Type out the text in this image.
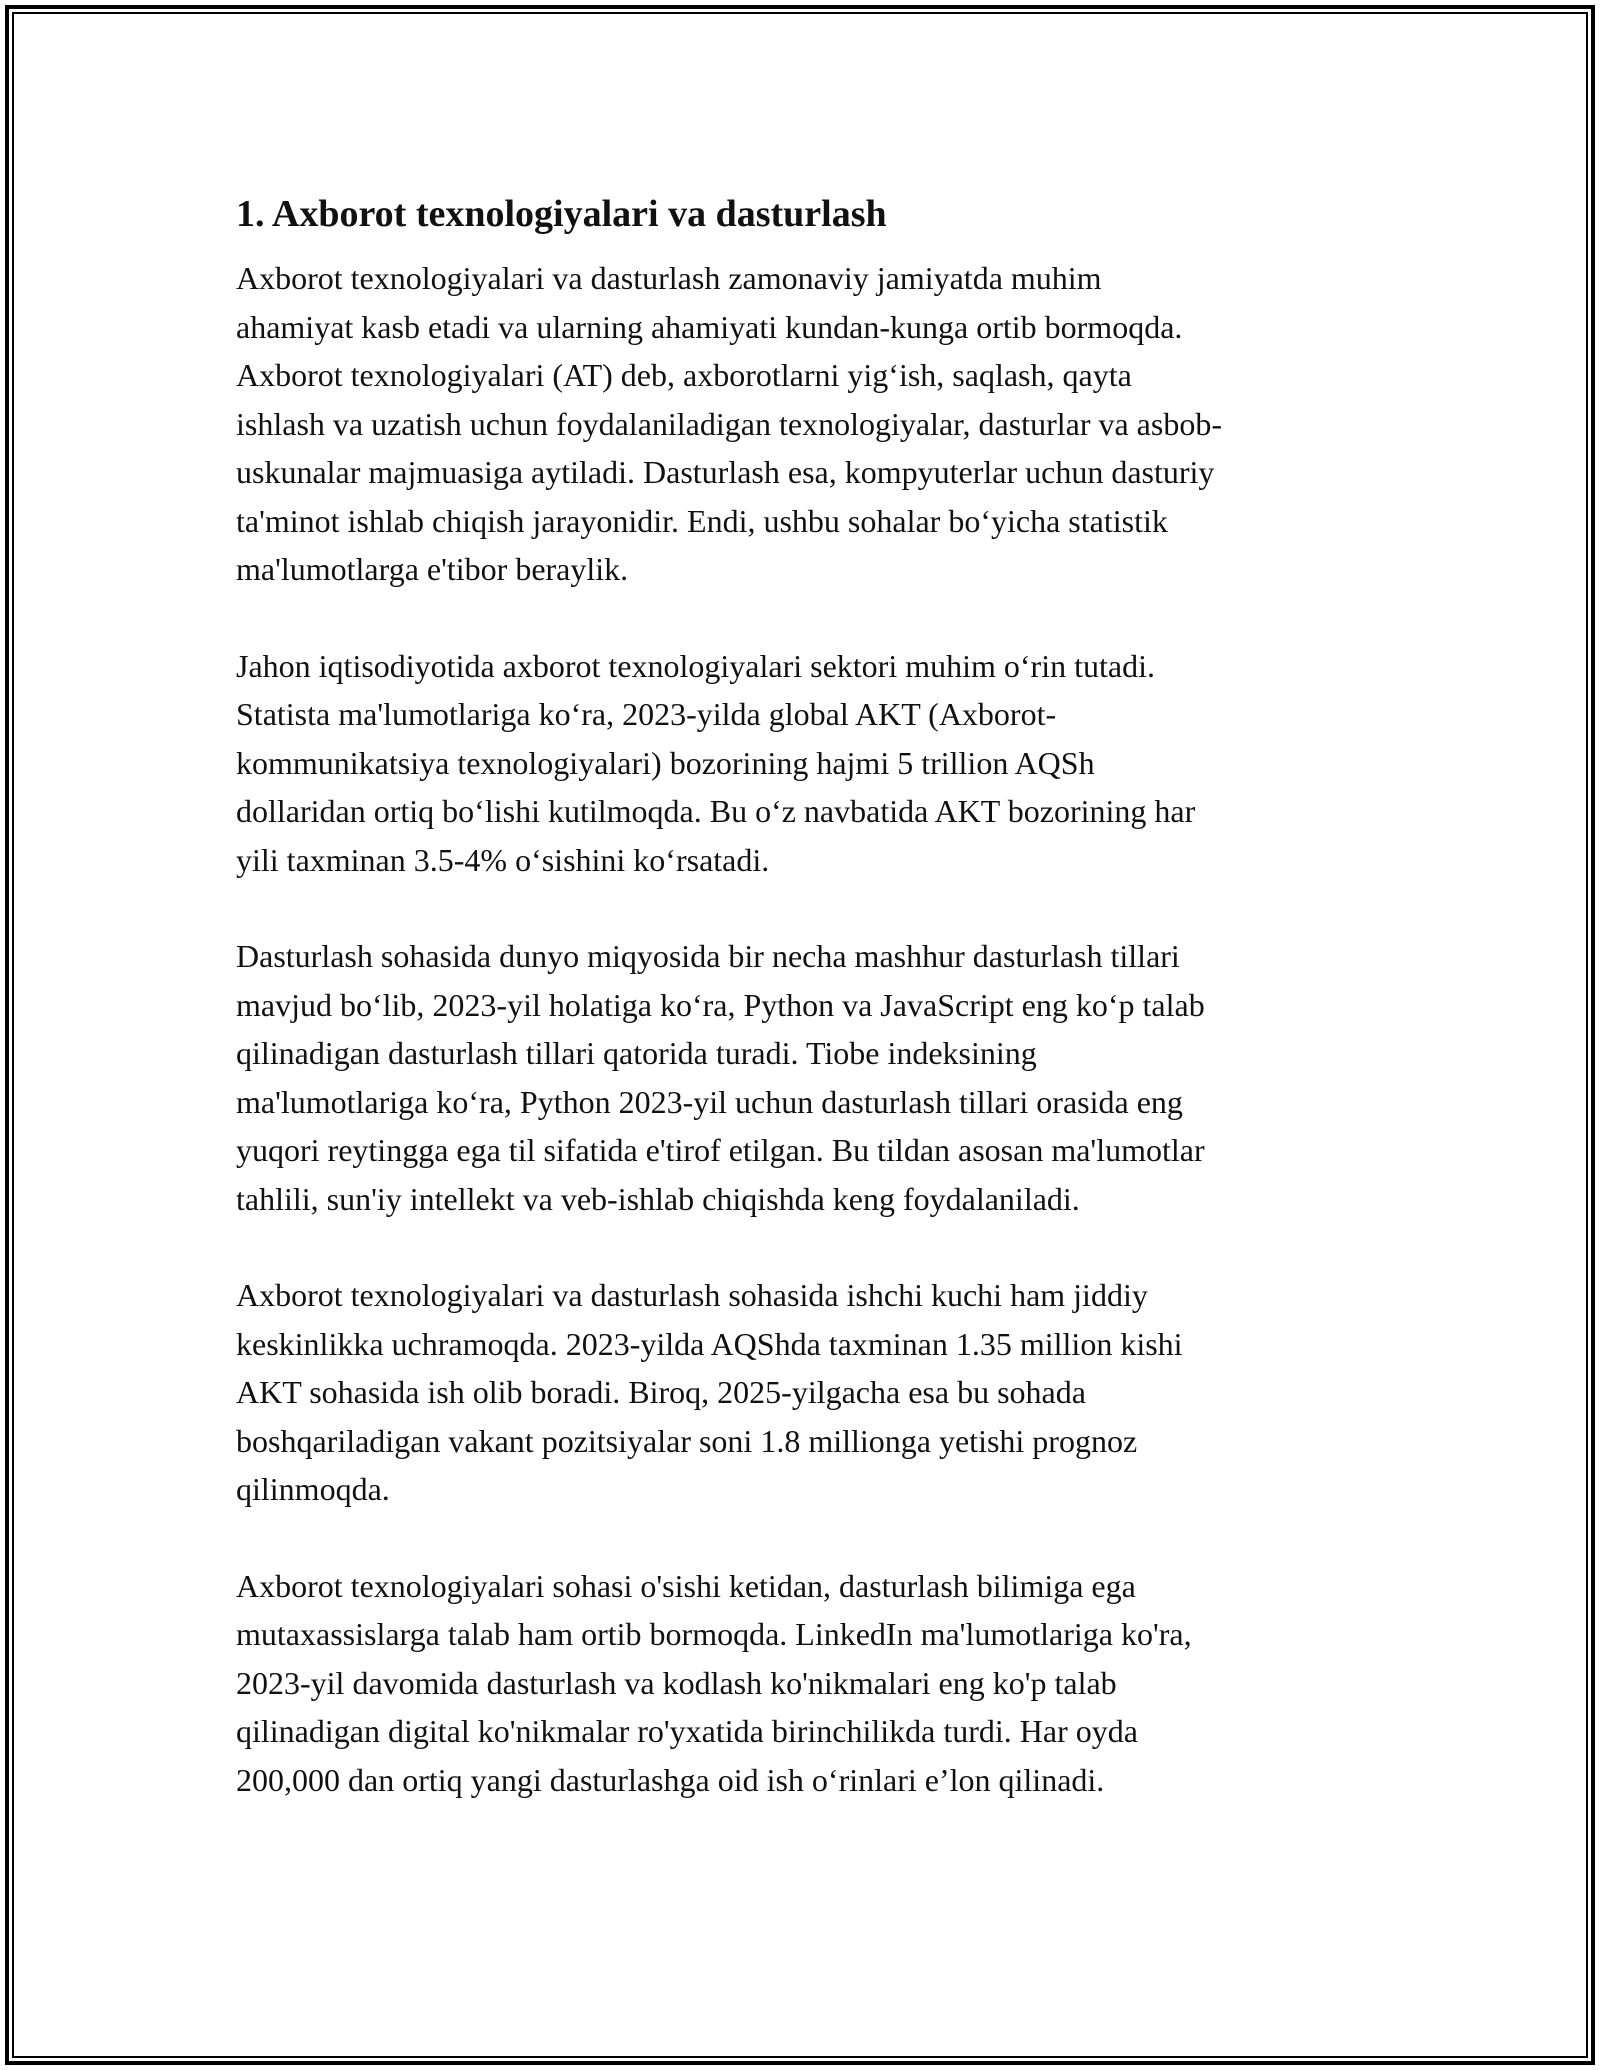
1. Axborot texnologiyalari va dasturlash
Axborot texnologiyalari va dasturlash zamonaviy jamiyatda muhim
ahamiyat kasb etadi va ularning ahamiyati kundan-kunga ortib bormoqda.
Axborot texnologiyalari (AT) deb, axborotlarni yig‘ish, saqlash, qayta
ishlash va uzatish uchun foydalaniladigan texnologiyalar, dasturlar va asbob-
uskunalar majmuasiga aytiladi. Dasturlash esa, kompyuterlar uchun dasturiy
ta'minot ishlab chiqish jarayonidir. Endi, ushbu sohalar bo‘yicha statistik
ma'lumotlarga e'tibor beraylik.
Jahon iqtisodiyotida axborot texnologiyalari sektori muhim o‘rin tutadi.
Statista ma'lumotlariga ko‘ra, 2023-yilda global AKT (Axborot-
kommunikatsiya texnologiyalari) bozorining hajmi 5 trillion AQSh
dollaridan ortiq bo‘lishi kutilmoqda. Bu o‘z navbatida AKT bozorining har
yili taxminan 3.5-4% o‘sishini ko‘rsatadi.
Dasturlash sohasida dunyo miqyosida bir necha mashhur dasturlash tillari
mavjud bo‘lib, 2023-yil holatiga ko‘ra, Python va JavaScript eng ko‘p talab
qilinadigan dasturlash tillari qatorida turadi. Tiobe indeksining
ma'lumotlariga ko‘ra, Python 2023-yil uchun dasturlash tillari orasida eng
yuqori reytingga ega til sifatida e'tirof etilgan. Bu tildan asosan ma'lumotlar
tahlili, sun'iy intellekt va veb-ishlab chiqishda keng foydalaniladi.
Axborot texnologiyalari va dasturlash sohasida ishchi kuchi ham jiddiy
keskinlikka uchramoqda. 2023-yilda AQShda taxminan 1.35 million kishi
AKT sohasida ish olib boradi. Biroq, 2025-yilgacha esa bu sohada
boshqariladigan vakant pozitsiyalar soni 1.8 millionga yetishi prognoz
qilinmoqda.
Axborot texnologiyalari sohasi o'sishi ketidan, dasturlash bilimiga ega
mutaxassislarga talab ham ortib bormoqda. LinkedIn ma'lumotlariga ko'ra,
2023-yil davomida dasturlash va kodlash ko'nikmalari eng ko'p talab
qilinadigan digital ko'nikmalar ro'yxatida birinchilikda turdi. Har oyda
200,000 dan ortiq yangi dasturlashga oid ish o‘rinlari e’lon qilinadi.
